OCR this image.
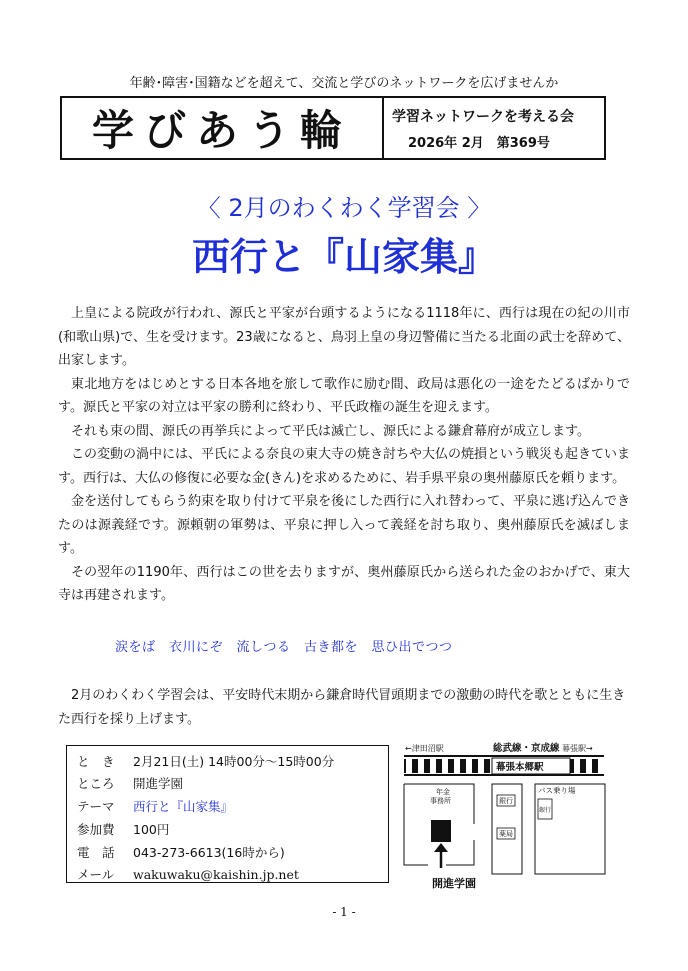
年齢･障害･国籍などを超えて、交流と学びのネットワークを広げませんか
学びあう輪	学習ネットワークを考える会
2026年 2月　第369号
〈 2月のわくわく学習会 〉
西行と『山家集』

上皇による院政が行われ、源氏と平家が台頭するようになる1118年に、西行は現在の紀の川市(和歌山県)で、生を受けます。23歳になると、鳥羽上皇の身辺警備に当たる北面の武士を辞めて、出家します。

東北地方をはじめとする日本各地を旅して歌作に励む間、政局は悪化の一途をたどるばかりです。源氏と平家の対立は平家の勝利に終わり、平氏政権の誕生を迎えます。

それも束の間、源氏の再挙兵によって平氏は滅亡し、源氏による鎌倉幕府が成立します。

この変動の渦中には、平氏による奈良の東大寺の焼き討ちや大仏の焼損という戦災も起きています。西行は、大仏の修復に必要な金(きん)を求めるために、岩手県平泉の奥州藤原氏を頼ります。

金を送付してもらう約束を取り付けて平泉を後にした西行に入れ替わって、平泉に逃げ込んできたのは源義経です。源頼朝の軍勢は、平泉に押し入って義経を討ち取り、奥州藤原氏を滅ぼします。

その翌年の1190年、西行はこの世を去りますが、奥州藤原氏から送られた金のおかげで、東大寺は再建されます。

涙をば　衣川にぞ　流しつる　古き都を　思ひ出でつつ

2月のわくわく学習会は、平安時代末期から鎌倉時代冒頭期までの激動の時代を歌とともに生きた西行を採り上げます。

と　き 2月21日(土) 14時00分～15時00分
ところ 開進学園
テーマ 西行と『山家集』
参加費 100円
電　話 043-273-6613(16時から)
メール wakuwaku@kaishin.jp.net
←津田沼駅	総武線・京成線 幕張駅→
幕張本郷駅
年金
事務所	銀行
薬局
バス乗り場
銀行
開進学園
- 1 -
